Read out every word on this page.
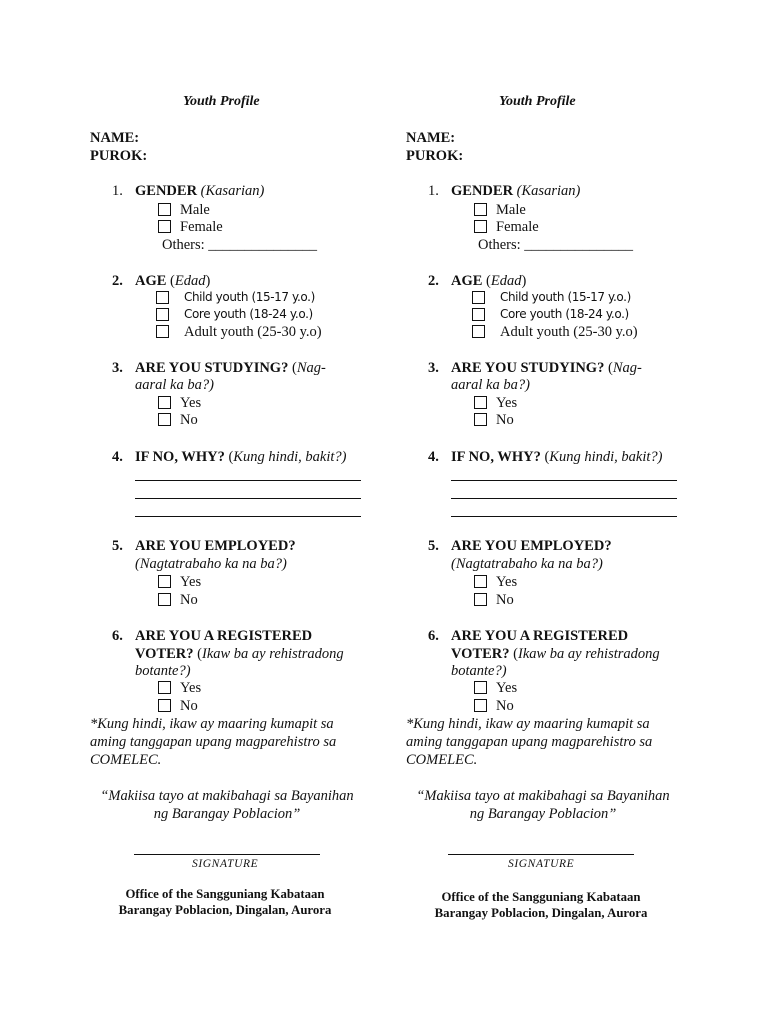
Youth Profile
NAME:
PUROK:
1. GENDER (Kasarian)
Male
Female
Others: _______________
2. AGE (Edad)
Child youth (15-17 y.o.)
Core youth (18-24 y.o.)
Adult youth (25-30 y.o)
3. ARE YOU STUDYING? (Nag-
aaral ka ba?)
Yes
No
4. IF NO, WHY? (Kung hindi, bakit?)
5. ARE YOU EMPLOYED?
(Nagtatrabaho ka na ba?)
Yes
No
6. ARE YOU A REGISTERED
VOTER? (Ikaw ba ay rehistradong
botante?)
Yes
No
*Kung hindi, ikaw ay maaring kumapit sa
aming tanggapan upang magparehistro sa
COMELEC.
“Makiisa tayo at makibahagi sa Bayanihan
ng Barangay Poblacion”
SIGNATURE
Office of the Sangguniang Kabataan
Barangay Poblacion, Dingalan, Aurora
Youth Profile
NAME:
PUROK:
1. GENDER (Kasarian)
Male
Female
Others: _______________
2. AGE (Edad)
Child youth (15-17 y.o.)
Core youth (18-24 y.o.)
Adult youth (25-30 y.o)
3. ARE YOU STUDYING? (Nag-
aaral ka ba?)
Yes
No
4. IF NO, WHY? (Kung hindi, bakit?)
5. ARE YOU EMPLOYED?
(Nagtatrabaho ka na ba?)
Yes
No
6. ARE YOU A REGISTERED
VOTER? (Ikaw ba ay rehistradong
botante?)
Yes
No
*Kung hindi, ikaw ay maaring kumapit sa
aming tanggapan upang magparehistro sa
COMELEC.
“Makiisa tayo at makibahagi sa Bayanihan
ng Barangay Poblacion”
SIGNATURE
Office of the Sangguniang Kabataan
Barangay Poblacion, Dingalan, Aurora
